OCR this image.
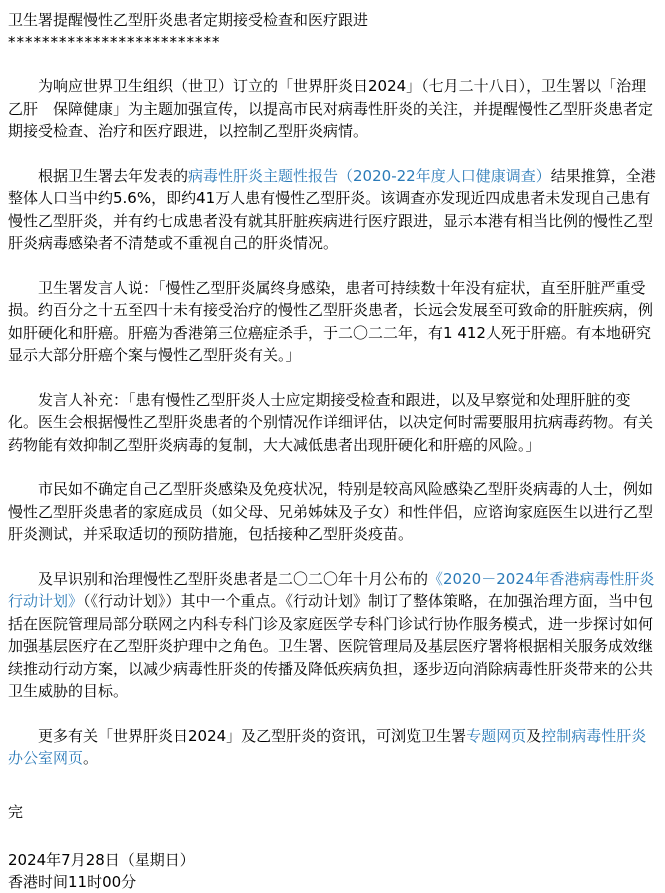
卫生署提醒慢性乙型肝炎患者定期接受检查和医疗跟进
*************************

为响应世界卫生组织（世卫）订立的「世界肝炎日2024」（七月二十八日），卫生署以「治理乙肝　保障健康」为主题加强宣传，以提高市民对病毒性肝炎的关注，并提醒慢性乙型肝炎患者定期接受检查、治疗和医疗跟进，以控制乙型肝炎病情。

根据卫生署去年发表的病毒性肝炎主题性报告（2020-22年度人口健康调查）结果推算，全港整体人口当中约5.6%，即约41万人患有慢性乙型肝炎。该调查亦发现近四成患者未发现自己患有慢性乙型肝炎，并有约七成患者没有就其肝脏疾病进行医疗跟进，显示本港有相当比例的慢性乙型肝炎病毒感染者不清楚或不重视自己的肝炎情况。

卫生署发言人说：「慢性乙型肝炎属终身感染，患者可持续数十年没有症状，直至肝脏严重受损。约百分之十五至四十未有接受治疗的慢性乙型肝炎患者，长远会发展至可致命的肝脏疾病，例如肝硬化和肝癌。肝癌为香港第三位癌症杀手，于二〇二二年，有1 412人死于肝癌。有本地研究显示大部分肝癌个案与慢性乙型肝炎有关。」

发言人补充：「患有慢性乙型肝炎人士应定期接受检查和跟进，以及早察觉和处理肝脏的变化。医生会根据慢性乙型肝炎患者的个别情况作详细评估，以决定何时需要服用抗病毒药物。有关药物能有效抑制乙型肝炎病毒的复制，大大减低患者出现肝硬化和肝癌的风险。」

市民如不确定自己乙型肝炎感染及免疫状况，特别是较高风险感染乙型肝炎病毒的人士，例如慢性乙型肝炎患者的家庭成员（如父母、兄弟姊妹及子女）和性伴侣，应谘询家庭医生以进行乙型肝炎测试，并采取适切的预防措施，包括接种乙型肝炎疫苗。

及早识别和治理慢性乙型肝炎患者是二〇二〇年十月公布的《2020－2024年香港病毒性肝炎行动计划》（《行动计划》）其中一个重点。《行动计划》制订了整体策略，在加强治理方面，当中包括在医院管理局部分联网之内科专科门诊及家庭医学专科门诊试行协作服务模式，进一步探讨如何加强基层医疗在乙型肝炎护理中之角色。卫生署、医院管理局及基层医疗署将根据相关服务成效继续推动行动方案，以减少病毒性肝炎的传播及降低疾病负担，逐步迈向消除病毒性肝炎带来的公共卫生威胁的目标。

更多有关「世界肝炎日2024」及乙型肝炎的资讯，可浏览卫生署专题网页及控制病毒性肝炎办公室网页。

完
2024年7月28日（星期日）
香港时间11时00分
